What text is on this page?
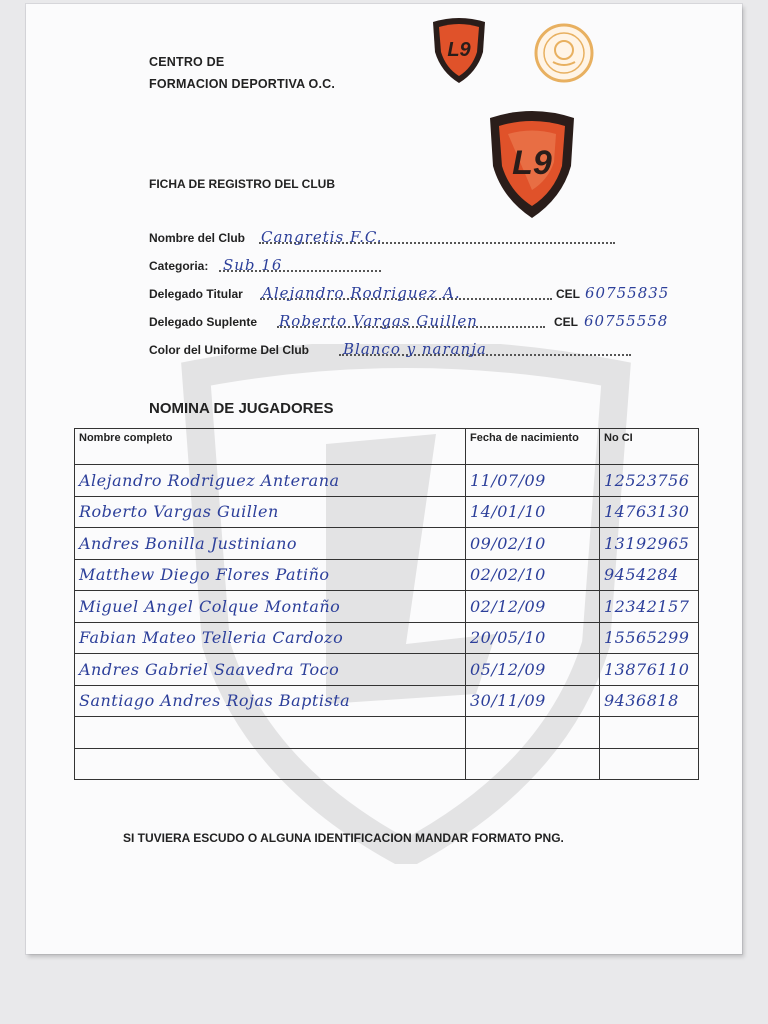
CENTRO DE
FORMACION DEPORTIVA O.C.
L9
L9
FICHA DE REGISTRO DEL CLUB
Nombre del Club Cangretis F.C.
Categoria: Sub 16
Delegado Titular Alejandro Rodriguez A.	CEL 60755835
Delegado Suplente Roberto Vargas Guillen	CEL 60755558
Color del Uniforme Del Club Blanco y naranja
NOMINA DE JUGADORES
Nombre completo	Fecha de nacimiento	No CI
Alejandro Rodriguez Anterana	11/07/09	12523756
Roberto Vargas Guillen	14/01/10	14763130
Andres Bonilla Justiniano	09/02/10	13192965
Matthew Diego Flores Patiño	02/02/10	9454284
Miguel Angel Colque Montaño	02/12/09	12342157
Fabian Mateo Telleria Cardozo	20/05/10	15565299
Andres Gabriel Saavedra Toco	05/12/09	13876110
Santiago Andres Rojas Baptista	30/11/09	9436818

SI TUVIERA ESCUDO O ALGUNA IDENTIFICACION MANDAR FORMATO PNG.
